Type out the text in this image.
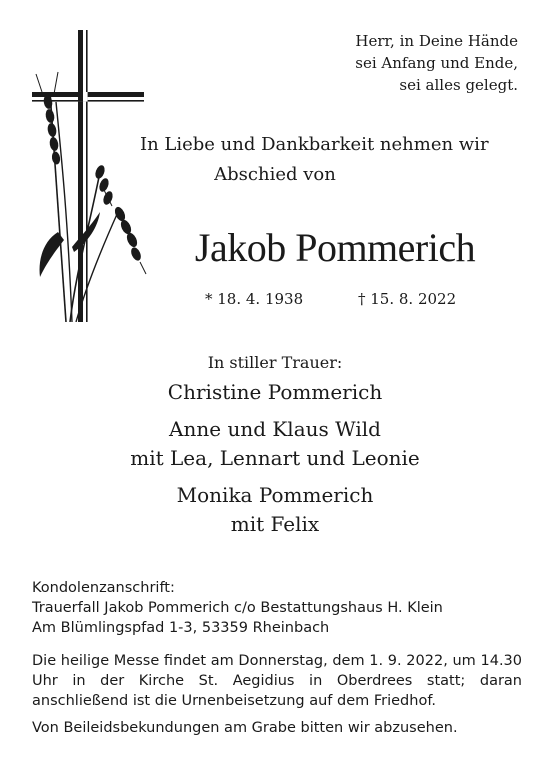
Herr, in Deine Hände
sei Anfang und Ende,
sei alles gelegt.
In Liebe und Dankbarkeit nehmen wir
Abschied von
Jakob Pommerich
* 18. 4. 1938	† 15. 8. 2022
In stiller Trauer:
Christine Pommerich
Anne und Klaus Wild
mit Lea, Lennart und Leonie
Monika Pommerich
mit Felix
Kondolenzanschrift:
Trauerfall Jakob Pommerich c/o Bestattungshaus H. Klein
Am Blümlingspfad 1-3, 53359 Rheinbach
Die heilige Messe findet am Donnerstag, dem 1. 9. 2022, um 14.30 Uhr in der Kirche St. Aegidius in Oberdrees statt; daran anschließend ist die Urnenbeisetzung auf dem Friedhof.
Von Beileidsbekundungen am Grabe bitten wir abzusehen.
